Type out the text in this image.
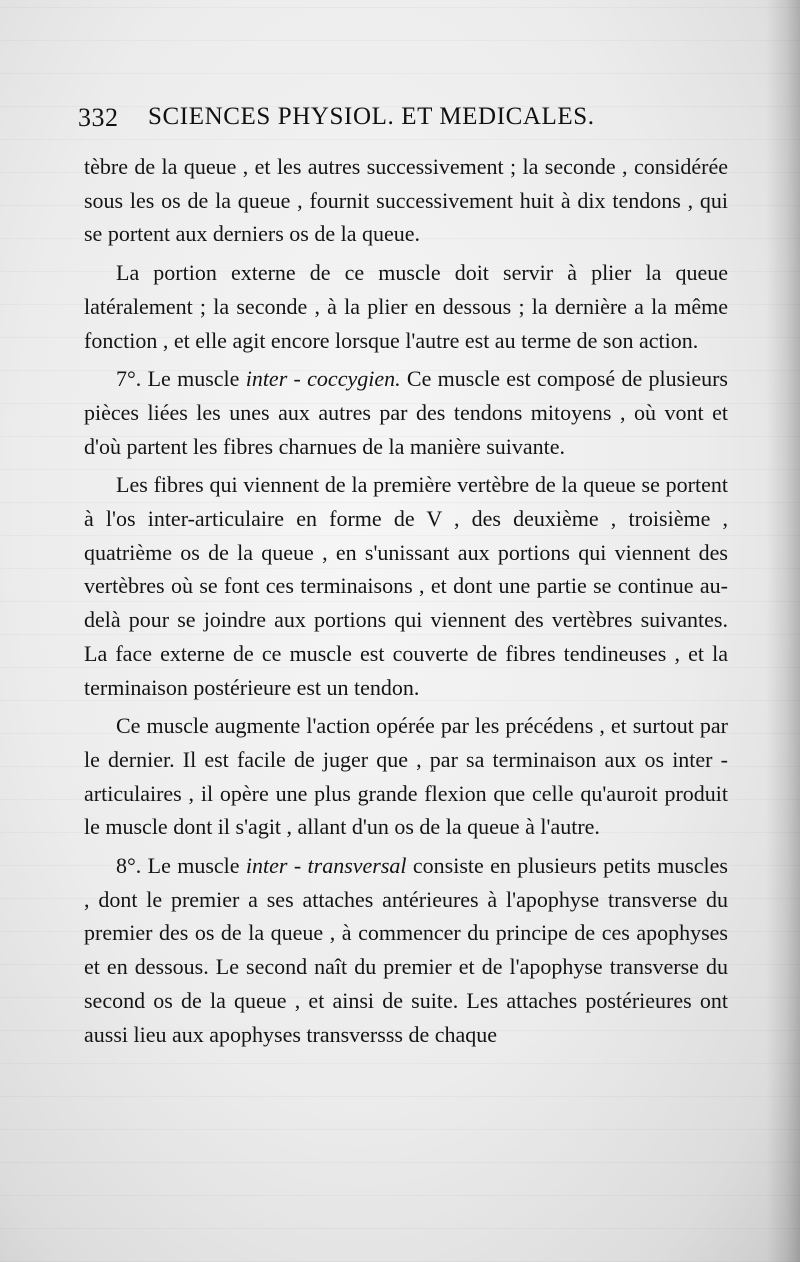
332 SCIENCES PHYSIOL. ET MEDICALES.

tèbre de la queue , et les autres successivement ; la seconde , considérée sous les os de la queue , fournit successivement huit à dix tendons , qui se portent aux derniers os de la queue.

La portion externe de ce muscle doit servir à plier la queue latéralement ; la seconde , à la plier en dessous ; la dernière a la même fonction , et elle agit encore lorsque l'autre est au terme de son action.

7°. Le muscle inter - coccygien. Ce muscle est composé de plusieurs pièces liées les unes aux autres par des tendons mitoyens , où vont et d'où partent les fibres charnues de la manière suivante.

Les fibres qui viennent de la première vertèbre de la queue se portent à l'os inter-articulaire en forme de V , des deuxième , troisième , quatrième os de la queue , en s'unissant aux portions qui viennent des vertèbres où se font ces terminaisons , et dont une partie se continue au-delà pour se joindre aux portions qui viennent des vertèbres suivantes. La face externe de ce muscle est couverte de fibres tendineuses , et la terminaison postérieure est un tendon.

Ce muscle augmente l'action opérée par les précédens , et surtout par le dernier. Il est facile de juger que , par sa terminaison aux os inter - articulaires , il opère une plus grande flexion que celle qu'auroit produit le muscle dont il s'agit , allant d'un os de la queue à l'autre.

8°. Le muscle inter - transversal consiste en plusieurs petits muscles , dont le premier a ses attaches antérieures à l'apophyse transverse du premier des os de la queue , à commencer du principe de ces apophyses et en dessous. Le second naît du premier et de l'apophyse transverse du second os de la queue , et ainsi de suite. Les attaches postérieures ont aussi lieu aux apophyses transversss de chaque
